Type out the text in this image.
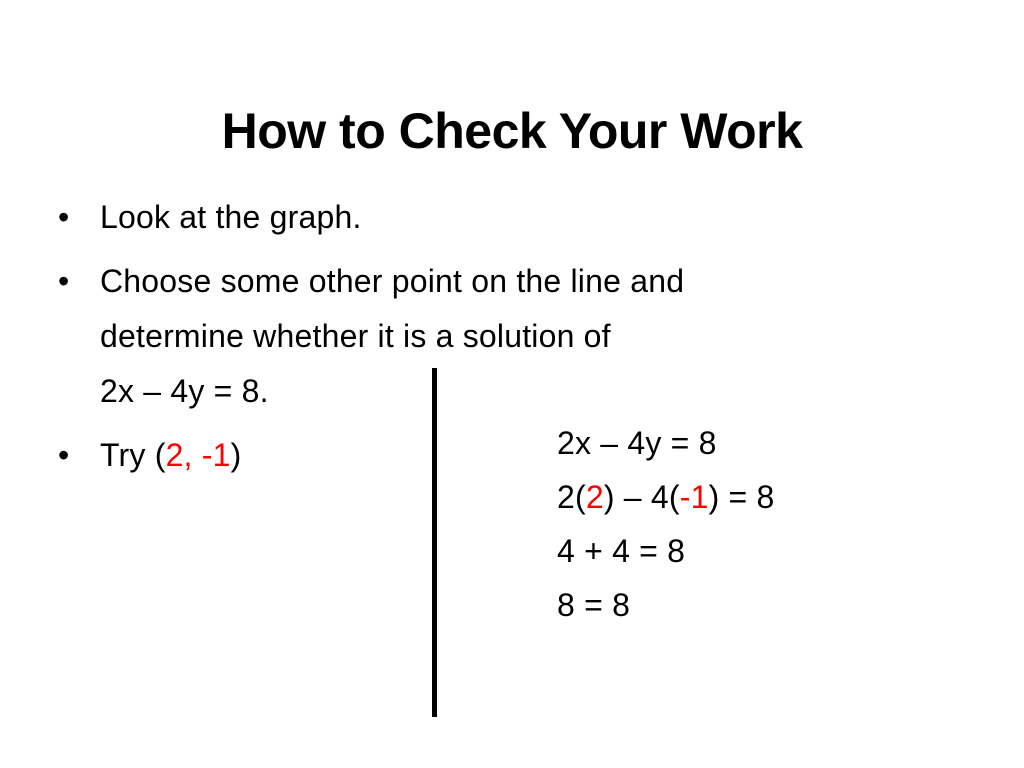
How to Check Your Work
• Look at the graph.
• Choose some other point on the line and
determine whether it is a solution of
2x – 4y = 8.
• Try (2, -1)	2x – 4y = 8
2(2) – 4(-1) = 8
4 + 4 = 8
8 = 8
